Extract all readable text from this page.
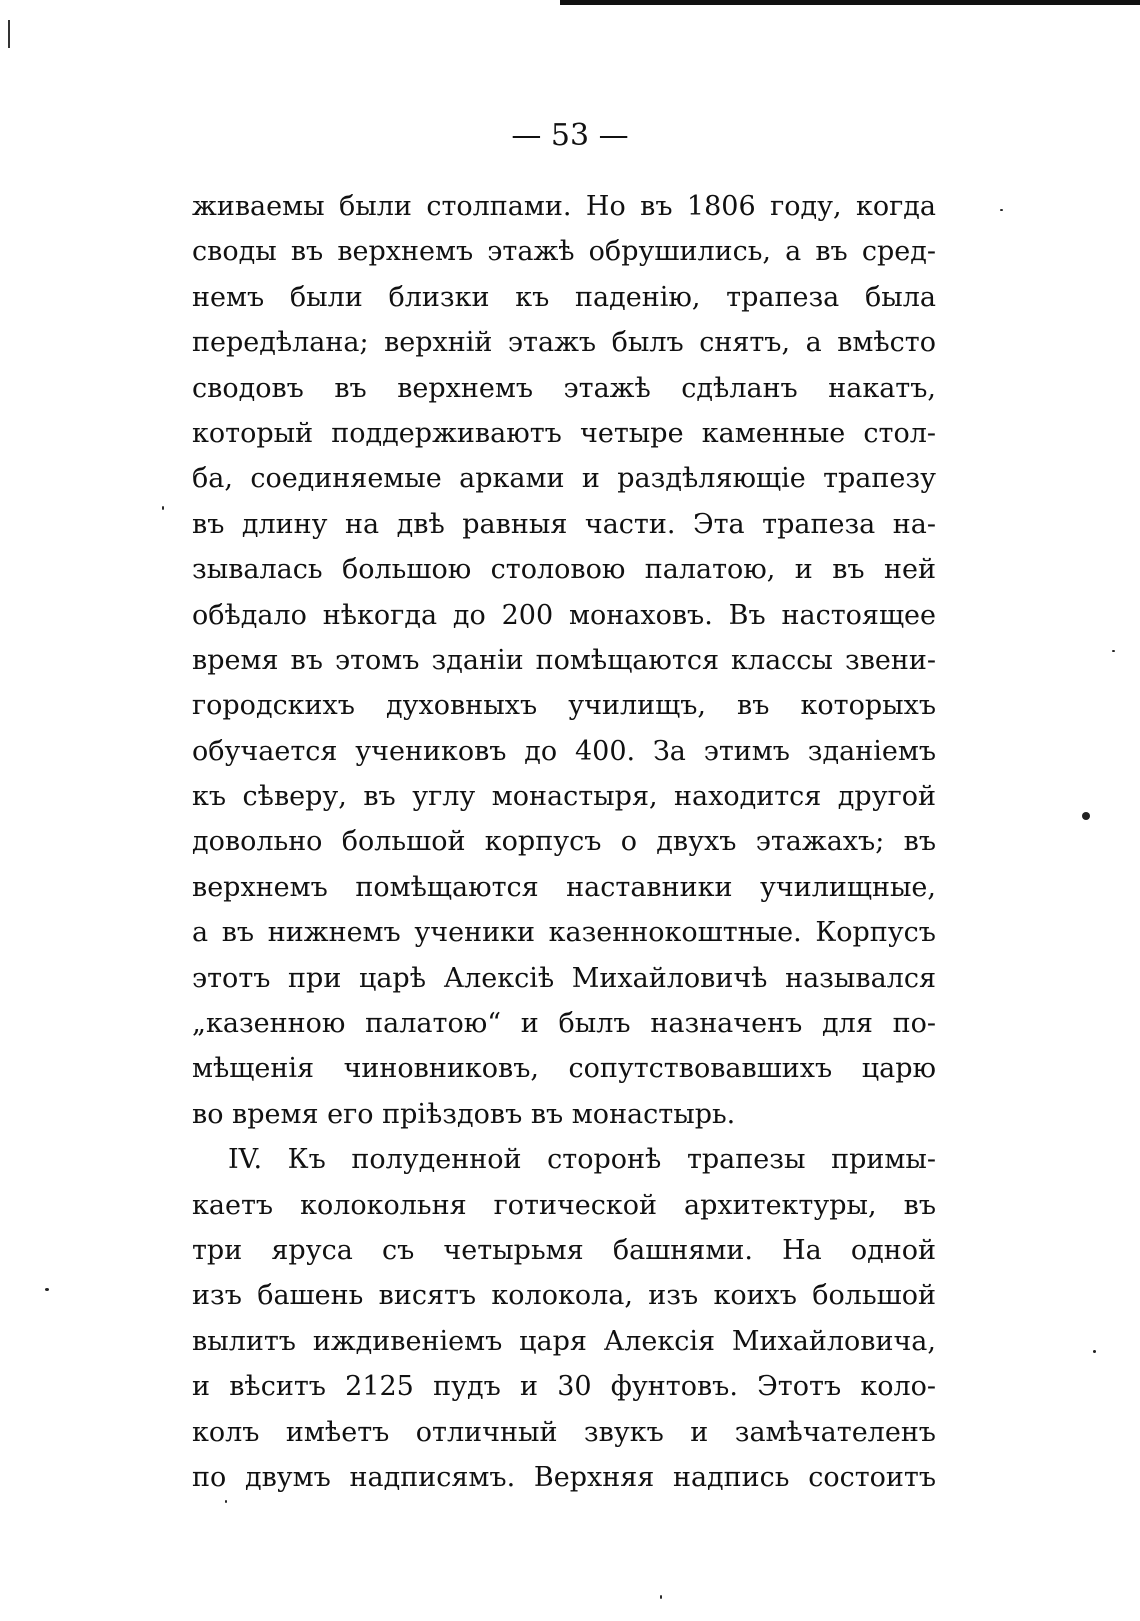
— 53 —

живаемы были столпами. Но въ 1806 году, когда
своды въ верхнемъ этажѣ обрушились, а въ сред-
немъ были близки къ паденію, трапеза была
передѣлана; верхній этажъ былъ снятъ, а вмѣсто
сводовъ въ верхнемъ этажѣ сдѣланъ накатъ,
который поддерживаютъ четыре каменные стол-
ба, соединяемые арками и раздѣляющіе трапезу
въ длину на двѣ равныя части. Эта трапеза на-
зывалась большою столовою палатою, и въ ней
обѣдало нѣкогда до 200 монаховъ. Въ настоящее
время въ этомъ зданіи помѣщаются классы звени-
городскихъ духовныхъ училищъ, въ которыхъ
обучается учениковъ до 400. За этимъ зданіемъ
къ сѣверу, въ углу монастыря, находится другой
довольно большой корпусъ о двухъ этажахъ; въ
верхнемъ помѣщаются наставники училищные,
а въ нижнемъ ученики казеннокоштные. Корпусъ
этотъ при царѣ Алексіѣ Михайловичѣ назывался
„казенною палатою“ и былъ назначенъ для по-
мѣщенія чиновниковъ, сопутствовавшихъ царю
во время его пріѣздовъ въ монастырь.
IV. Къ полуденной сторонѣ трапезы примы-
каетъ колокольня готической архитектуры, въ
три яруса съ четырьмя башнями. На одной
изъ башень висятъ колокола, изъ коихъ большой
вылитъ иждивеніемъ царя Алексія Михайловича,
и вѣситъ 2125 пудъ и 30 фунтовъ. Этотъ коло-
колъ имѣетъ отличный звукъ и замѣчателенъ
по двумъ надписямъ. Верхняя надпись состоитъ
